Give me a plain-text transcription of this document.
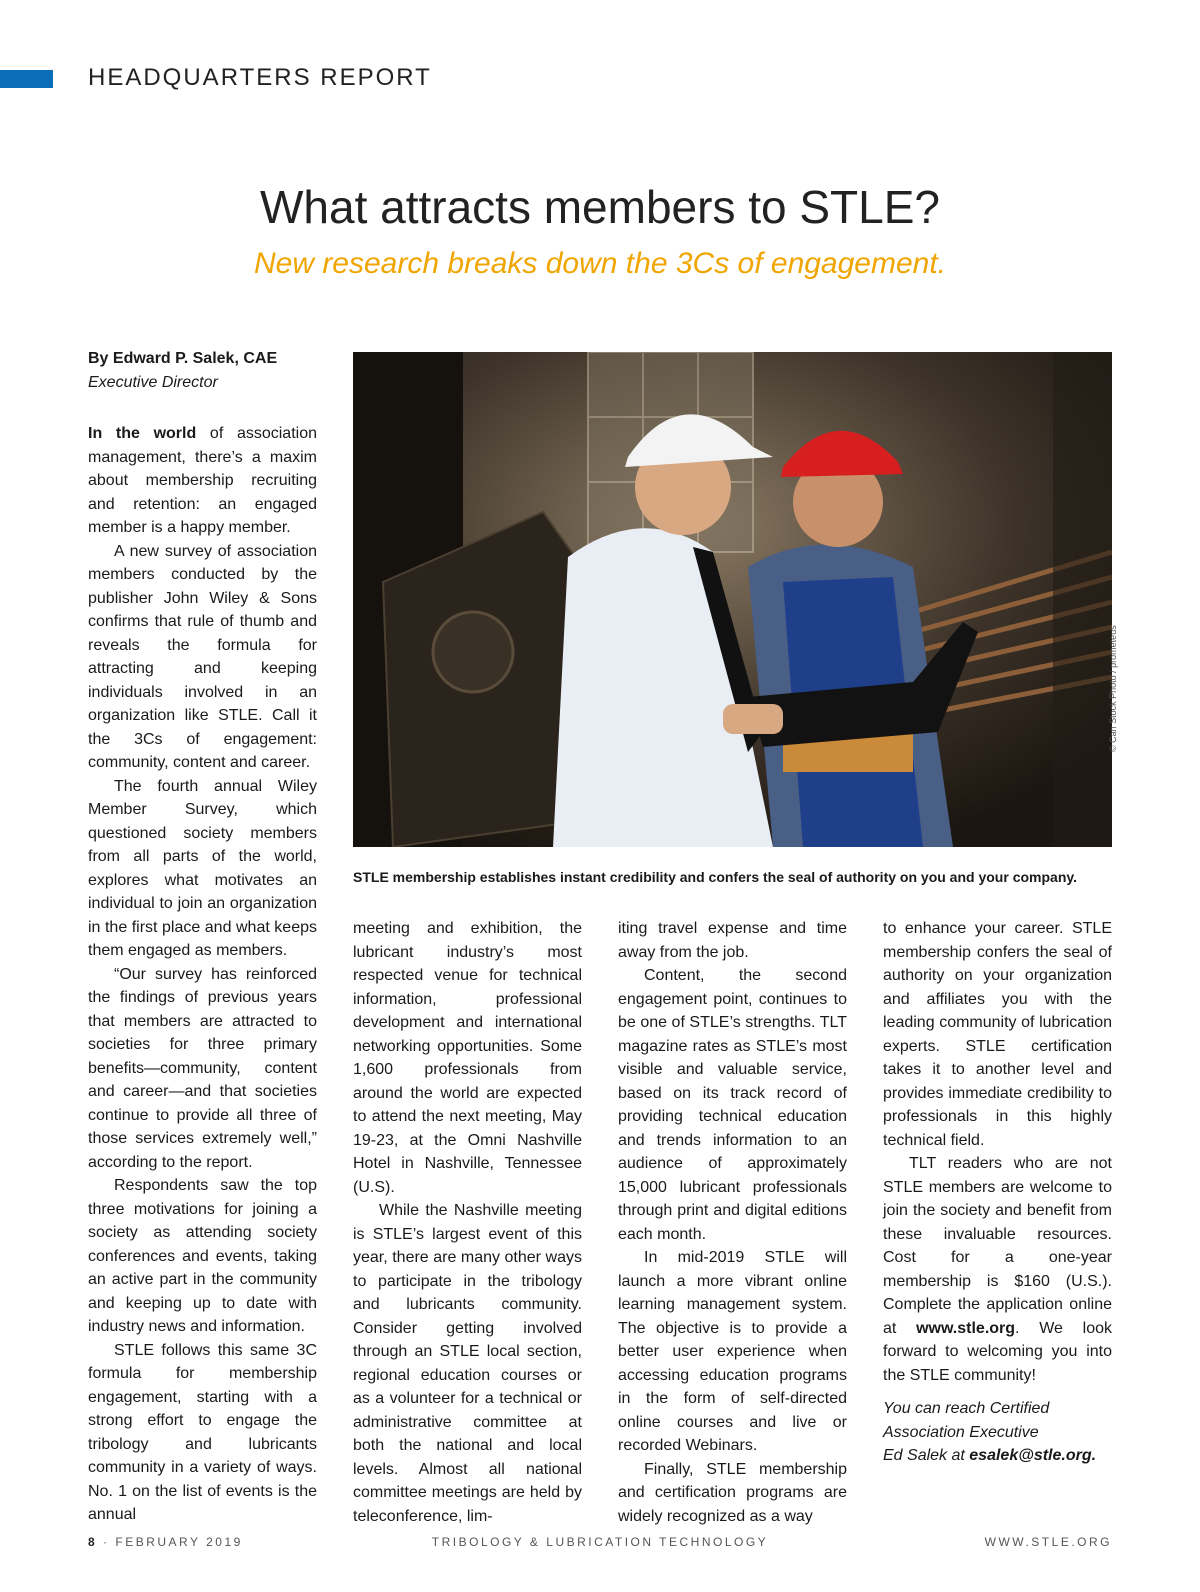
HEADQUARTERS REPORT
What attracts members to STLE?
New research breaks down the 3Cs of engagement.
By Edward P. Salek, CAE
Executive Director

In the world of association management, there’s a maxim about membership recruiting and retention: an engaged member is a happy member.

A new survey of association members conducted by the publisher John Wiley & Sons confirms that rule of thumb and reveals the formula for attracting and keeping individuals involved in an organization like STLE. Call it the 3Cs of engagement: community, content and career.

The fourth annual Wiley Member Survey, which questioned society members from all parts of the world, explores what motivates an individual to join an organization in the first place and what keeps them engaged as members.

“Our survey has reinforced the findings of previous years that members are attracted to societies for three primary benefits—community, content and career—and that societies continue to provide all three of those services extremely well,” according to the report.

Respondents saw the top three motivations for joining a society as attending society conferences and events, taking an active part in the community and keeping up to date with industry news and information.

STLE follows this same 3C formula for membership engagement, starting with a strong effort to engage the tribology and lubricants community in a variety of ways. No. 1 on the list of events is the annual

© Can Stock Photo / prometeus
STLE membership establishes instant credibility and confers the seal of authority on you and your company.

meeting and exhibition, the lubricant industry’s most respected venue for technical information, professional development and international networking opportunities. Some 1,600 professionals from around the world are expected to attend the next meeting, May 19-23, at the Omni Nashville Hotel in Nashville, Tennessee (U.S).

While the Nashville meeting is STLE’s largest event of this year, there are many other ways to participate in the tribology and lubricants community. Consider getting involved through an STLE local section, regional education courses or as a volunteer for a technical or administrative committee at both the national and local levels. Almost all national committee meetings are held by teleconference, lim-

iting travel expense and time away from the job.

Content, the second engagement point, continues to be one of STLE’s strengths. TLT magazine rates as STLE’s most visible and valuable service, based on its track record of providing technical education and trends information to an audience of approximately 15,000 lubricant professionals through print and digital editions each month.

In mid-2019 STLE will launch a more vibrant online learning management system. The objective is to provide a better user experience when accessing education programs in the form of self-directed online courses and live or recorded Webinars.

Finally, STLE membership and certification programs are widely recognized as a way

to enhance your career. STLE membership confers the seal of authority on your organization and affiliates you with the leading community of lubrication experts. STLE certification takes it to another level and provides immediate credibility to professionals in this highly technical field.

TLT readers who are not STLE members are welcome to join the society and benefit from these invaluable resources. Cost for a one-year membership is $160 (U.S.). Complete the application online at www.stle.org. We look forward to welcoming you into the STLE community!

You can reach Certified
Association Executive
Ed Salek at esalek@stle.org.

8 · FEBRUARY 2019	TRIBOLOGY & LUBRICATION TECHNOLOGY	WWW.STLE.ORG
